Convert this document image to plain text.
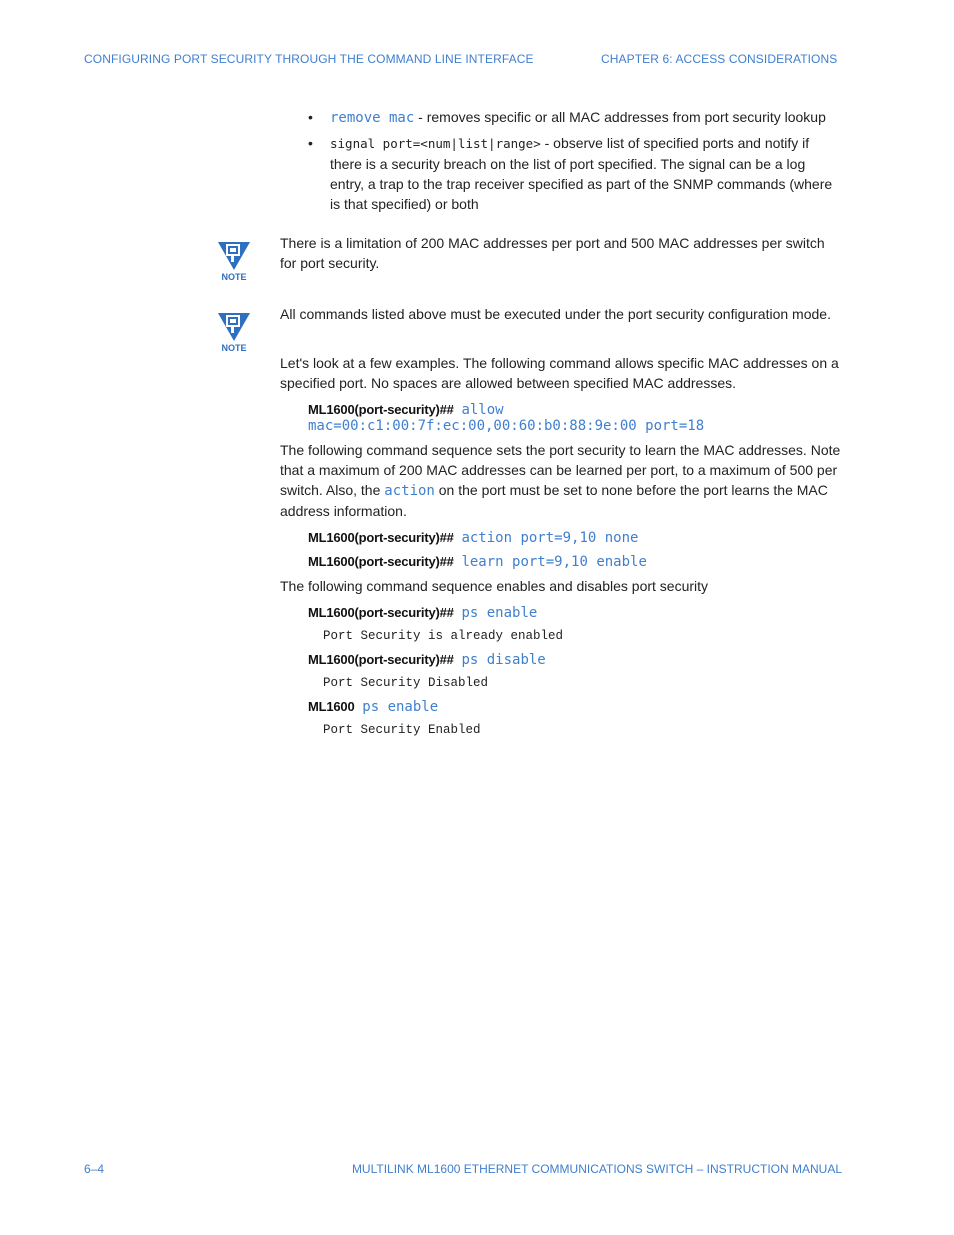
CONFIGURING PORT SECURITY THROUGH THE COMMAND LINE INTERFACE	CHAPTER 6: ACCESS CONSIDERATIONS
• remove mac - removes specific or all MAC addresses from port security lookup
• signal port=<num|list|range> - observe list of specified ports and notify if there is a security breach on the list of port specified. The signal can be a log entry, a trap to the trap receiver specified as part of the SNMP commands (where is that specified) or both
NOTE
There is a limitation of 200 MAC addresses per port and 500 MAC addresses per switch for port security.
NOTE
All commands listed above must be executed under the port security configuration mode.
Let's look at a few examples. The following command allows specific MAC addresses on a specified port. No spaces are allowed between specified MAC addresses.
ML1600(port-security)## allow
mac=00:c1:00:7f:ec:00,00:60:b0:88:9e:00 port=18
The following command sequence sets the port security to learn the MAC addresses. Note that a maximum of 200 MAC addresses can be learned per port, to a maximum of 500 per switch. Also, the action on the port must be set to none before the port learns the MAC address information.
ML1600(port-security)## action port=9,10 none
ML1600(port-security)## learn port=9,10 enable
The following command sequence enables and disables port security
ML1600(port-security)## ps enable
Port Security is already enabled
ML1600(port-security)## ps disable
Port Security Disabled
ML1600 ps enable
Port Security Enabled
6–4	MULTILINK ML1600 ETHERNET COMMUNICATIONS SWITCH – INSTRUCTION MANUAL
